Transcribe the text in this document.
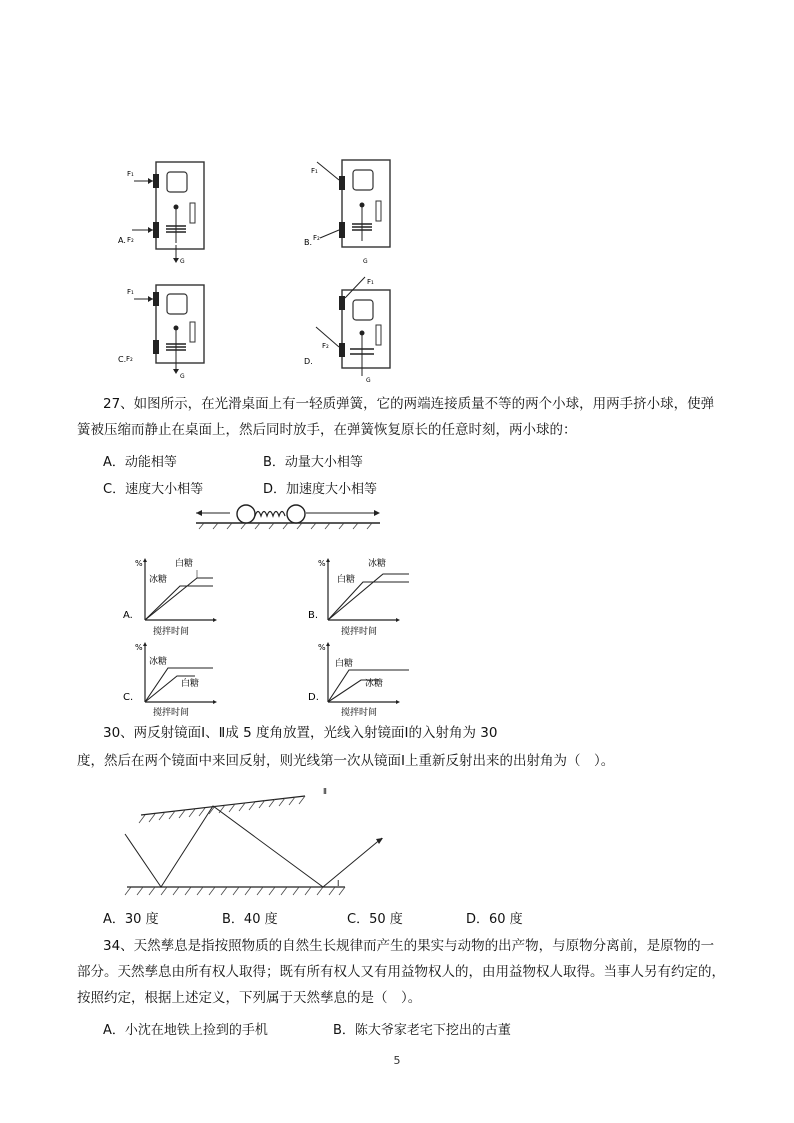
F₁
F₂
G
A.
F₁
F₂
G
B.
F₁
F₂
G
C.
F₁
F₂
G
D.
27、如图所示，在光滑桌面上有一轻质弹簧，它的两端连接质量不等的两个小球，用两手挤小球，使弹簧被压缩而静止在桌面上，然后同时放手，在弹簧恢复原长的任意时刻，两小球的：
A．动能相等	B．动量大小相等
C．速度大小相等	D．加速度大小相等
%	白糖
冰糖
搅拌时间
A.
%	冰糖
白糖
搅拌时间
B.
%
冰糖
白糖
搅拌时间
C.
%
白糖
冰糖
搅拌时间
D.
30、两反射镜面Ⅰ、Ⅱ成 5 度角放置，光线入射镜面Ⅰ的入射角为 30
度，然后在两个镜面中来回反射，则光线第一次从镜面Ⅰ上重新反射出来的出射角为（　）。
Ⅱ
Ⅰ
A．30 度	B．40 度	C．50 度	D．60 度
34、天然孳息是指按照物质的自然生长规律而产生的果实与动物的出产物，与原物分离前，是原物的一部分。天然孳息由所有权人取得；既有所有权人又有用益物权人的，由用益物权人取得。当事人另有约定的，按照约定，根据上述定义，下列属于天然孳息的是（　）。
A．小沈在地铁上捡到的手机	B．陈大爷家老宅下挖出的古董
5
